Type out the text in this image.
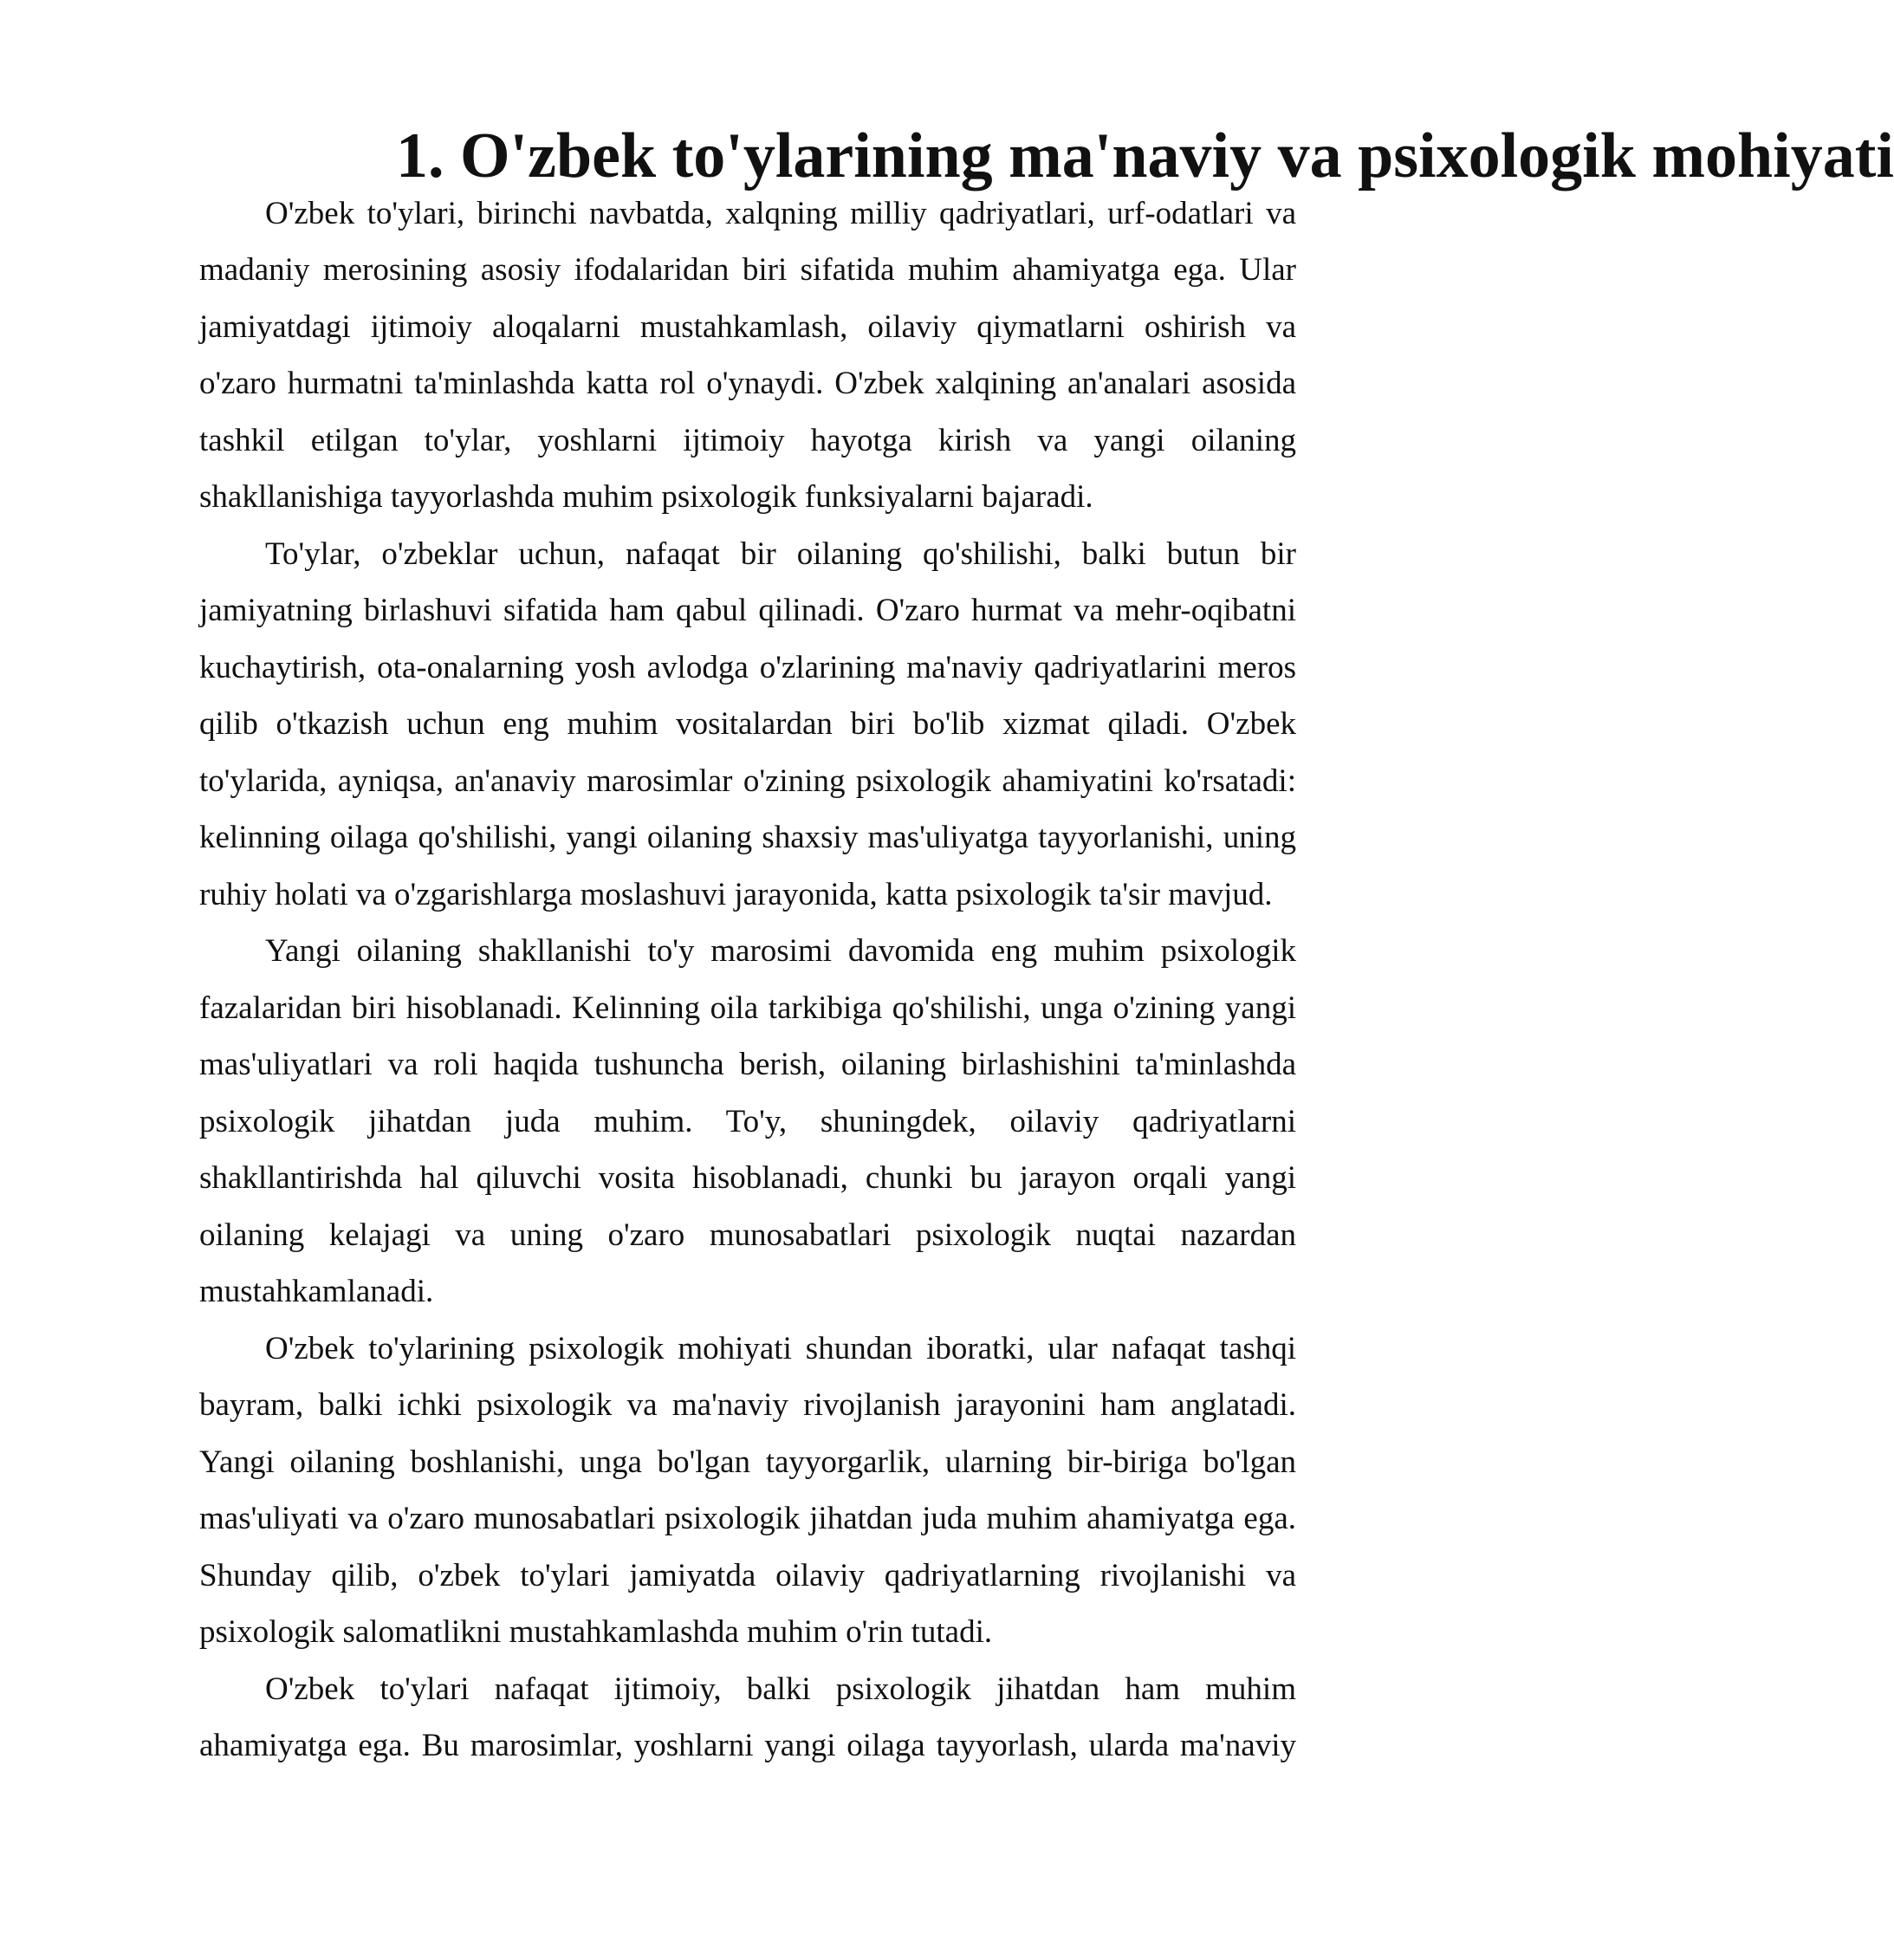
1. O'zbek to'ylarining ma'naviy va psixologik mohiyati

O'zbek to'ylari, birinchi navbatda, xalqning milliy qadriyatlari, urf-odatlari va madaniy merosining asosiy ifodalaridan biri sifatida muhim ahamiyatga ega. Ular jamiyatdagi ijtimoiy aloqalarni mustahkamlash, oilaviy qiymatlarni oshirish va o'zaro hurmatni ta'minlashda katta rol o'ynaydi. O'zbek xalqining an'analari asosida tashkil etilgan to'ylar, yoshlarni ijtimoiy hayotga kirish va yangi oilaning shakllanishiga tayyorlashda muhim psixologik funksiyalarni bajaradi.

To'ylar, o'zbeklar uchun, nafaqat bir oilaning qo'shilishi, balki butun bir jamiyatning birlashuvi sifatida ham qabul qilinadi. O'zaro hurmat va mehr-oqibatni kuchaytirish, ota-onalarning yosh avlodga o'zlarining ma'naviy qadriyatlarini meros qilib o'tkazish uchun eng muhim vositalardan biri bo'lib xizmat qiladi. O'zbek to'ylarida, ayniqsa, an'anaviy marosimlar o'zining psixologik ahamiyatini ko'rsatadi: kelinning oilaga qo'shilishi, yangi oilaning shaxsiy mas'uliyatga tayyorlanishi, uning ruhiy holati va o'zgarishlarga moslashuvi jarayonida, katta psixologik ta'sir mavjud.

Yangi oilaning shakllanishi to'y marosimi davomida eng muhim psixologik fazalaridan biri hisoblanadi. Kelinning oila tarkibiga qo'shilishi, unga o'zining yangi mas'uliyatlari va roli haqida tushuncha berish, oilaning birlashishini ta'minlashda psixologik jihatdan juda muhim. To'y, shuningdek, oilaviy qadriyatlarni shakllantirishda hal qiluvchi vosita hisoblanadi, chunki bu jarayon orqali yangi oilaning kelajagi va uning o'zaro munosabatlari psixologik nuqtai nazardan mustahkamlanadi.

O'zbek to'ylarining psixologik mohiyati shundan iboratki, ular nafaqat tashqi bayram, balki ichki psixologik va ma'naviy rivojlanish jarayonini ham anglatadi. Yangi oilaning boshlanishi, unga bo'lgan tayyorgarlik, ularning bir-biriga bo'lgan mas'uliyati va o'zaro munosabatlari psixologik jihatdan juda muhim ahamiyatga ega. Shunday qilib, o'zbek to'ylari jamiyatda oilaviy qadriyatlarning rivojlanishi va psixologik salomatlikni mustahkamlashda muhim o'rin tutadi.

O'zbek to'ylari nafaqat ijtimoiy, balki psixologik jihatdan ham muhim ahamiyatga ega. Bu marosimlar, yoshlarni yangi oilaga tayyorlash, ularda ma'naviy
